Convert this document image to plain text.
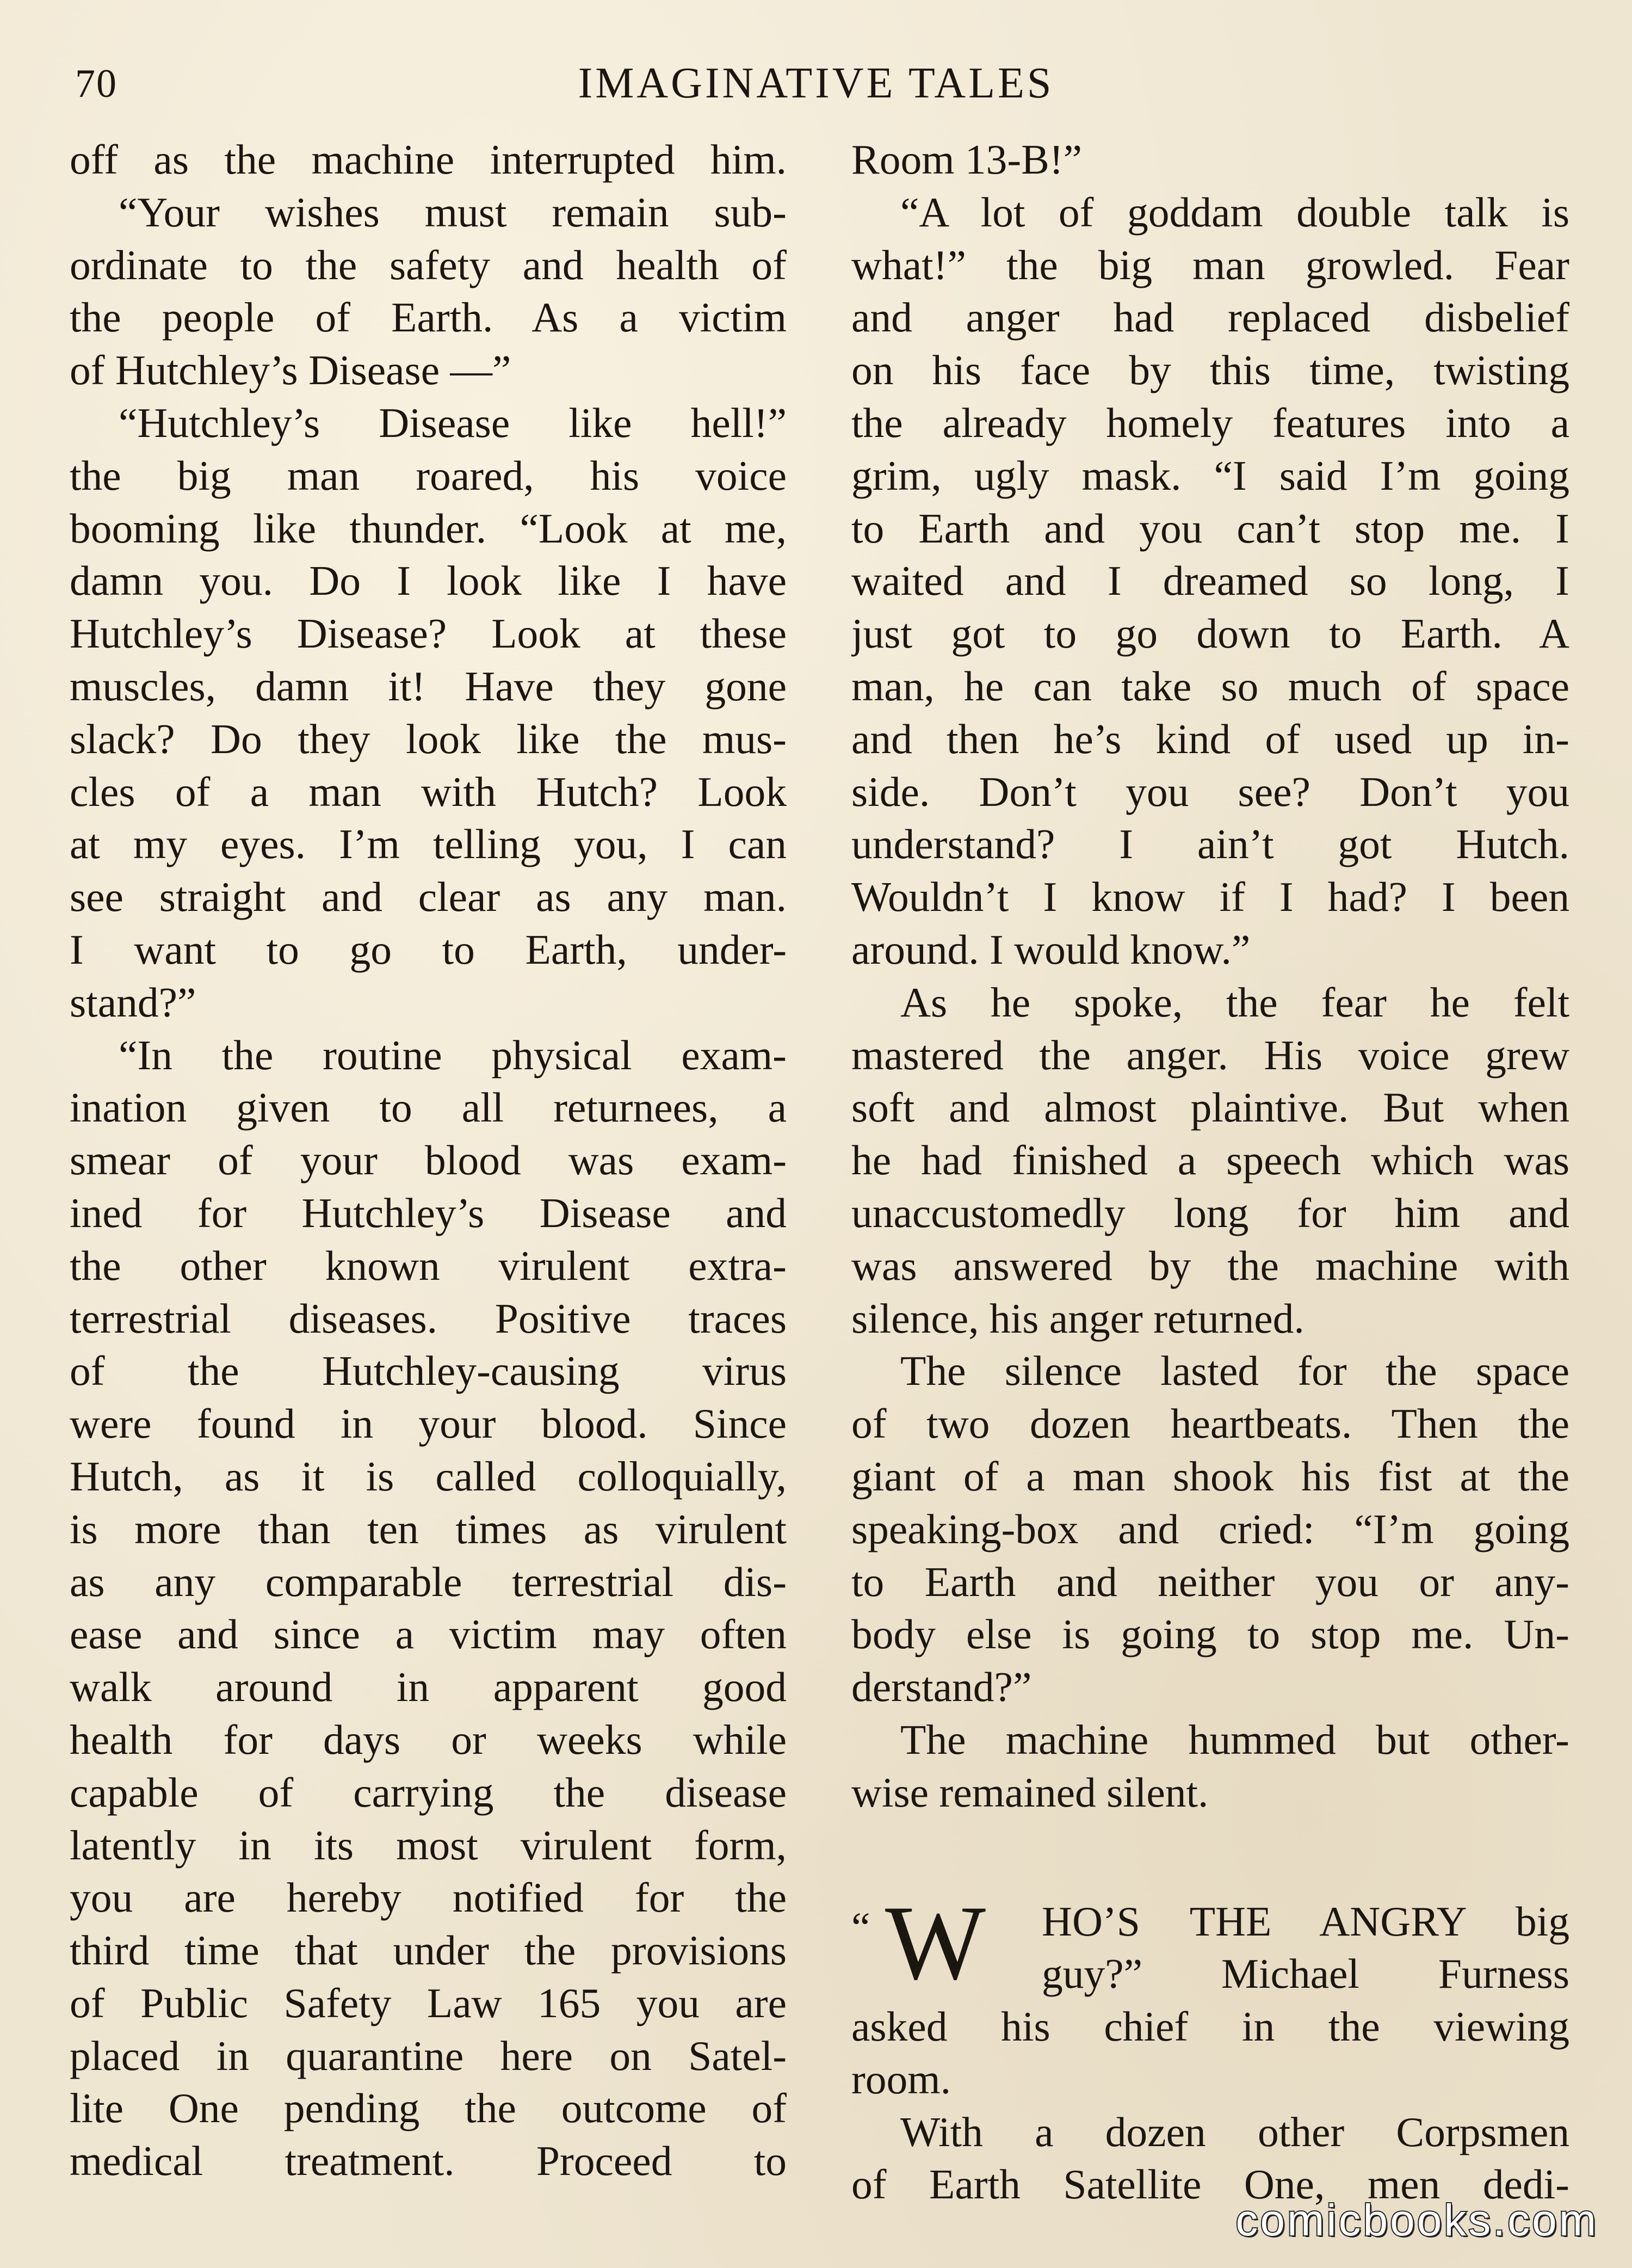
70	IMAGINATIVE TALES
off as the machine interrupted him.
“Your wishes must remain sub-
ordinate to the safety and health of
the people of Earth. As a victim
of Hutchley’s Disease —”
“Hutchley’s Disease like hell!”
the big man roared, his voice
booming like thunder. “Look at me,
damn you. Do I look like I have
Hutchley’s Disease? Look at these
muscles, damn it! Have they gone
slack? Do they look like the mus-
cles of a man with Hutch? Look
at my eyes. I’m telling you, I can
see straight and clear as any man.
I want to go to Earth, under-
stand?”
“In the routine physical exam-
ination given to all returnees, a
smear of your blood was exam-
ined for Hutchley’s Disease and
the other known virulent extra-
terrestrial diseases. Positive traces
of the Hutchley-causing virus
were found in your blood. Since
Hutch, as it is called colloquially,
is more than ten times as virulent
as any comparable terrestrial dis-
ease and since a victim may often
walk around in apparent good
health for days or weeks while
capable of carrying the disease
latently in its most virulent form,
you are hereby notified for the
third time that under the provisions
of Public Safety Law 165 you are
placed in quarantine here on Satel-
lite One pending the outcome of
medical treatment. Proceed to
Room 13-B!”
“A lot of goddam double talk is
what!” the big man growled. Fear
and anger had replaced disbelief
on his face by this time, twisting
the already homely features into a
grim, ugly mask. “I said I’m going
to Earth and you can’t stop me. I
waited and I dreamed so long, I
just got to go down to Earth. A
man, he can take so much of space
and then he’s kind of used up in-
side. Don’t you see? Don’t you
understand? I ain’t got Hutch.
Wouldn’t I know if I had? I been
around. I would know.”
As he spoke, the fear he felt
mastered the anger. His voice grew
soft and almost plaintive. But when
he had finished a speech which was
unaccustomedly long for him and
was answered by the machine with
silence, his anger returned.
The silence lasted for the space
of two dozen heartbeats. Then the
giant of a man shook his fist at the
speaking-box and cried: “I’m going
to Earth and neither you or any-
body else is going to stop me. Un-
derstand?”
The machine hummed but other-
wise remained silent.
“ W	HO’S THE ANGRY big
guy?” Michael Furness
asked his chief in the viewing
room.
With a dozen other Corpsmen
of Earth Satellite One, men dedi-
comicbooks.com
